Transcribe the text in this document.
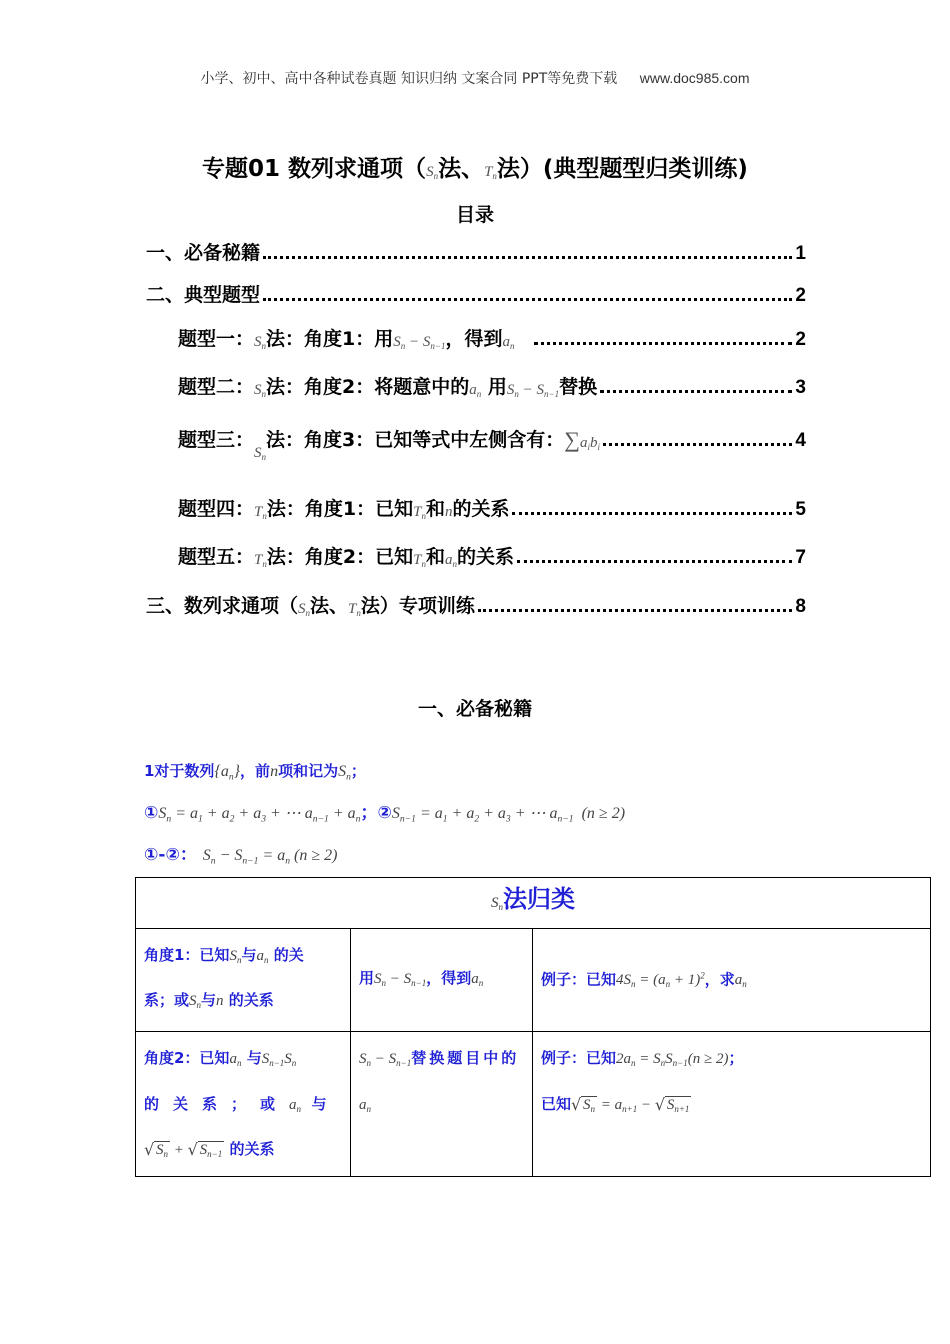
小学、初中、高中各种试卷真题 知识归纳 文案合同 PPT等免费下载 www.doc985.com
专题01 数列求通项（$S_n$法、$T_n$法）(典型题型归类训练)
目录
一、必备秘籍	1
二、典型题型	2
题型一： $S_n$ 法：角度1：用 $S_n - S_{n-1}$ ，得到 $a_n$	2
题型二： $S_n$ 法：角度2：将题意中的 $a_n$
用 $S_n - S_{n-1}$ 替换	3
题型三：
$S_n$
法：角度3：已知等式中左侧含有： $\sum a_ib_i$	4
题型四： $T_n$ 法：角度1：已知 $T_n$ 和 n 的关系	5
题型五： $T_n$ 法：角度2：已知 $T_n$ 和 $a_n$ 的关系	7
三、数列求通项（ $S_n$ 法、 $T_n$ 法）专项训练	8
一、必备秘籍
1对于数列$\{a_n\}$，前n项和记为$S_n$；
$①S_n = a_1 + a_2 + a_3$ + ⋯ $a_{n-1} + a_n$；$②S_{n-1} = a_1 + a_2 + a_3$ + ⋯ $a_{n-1}$  (n ≥ 2)
①-②： $S_n - S_{n-1} = a_n$ (n ≥ 2)
$S_n$法归类		
角度1：已知$S_n$与$a_n$ 的关
系；或$S_n$与n 的关系	用$S_n - S_{n-1}$，得到$a_n$	例子：已知$4S_n = (a_n + 1)^2$，求$a_n$
角度2：已知$a_n$ 与$S_{n-1}S_n$
的关系；或$a_n$ 与
√ $S_n$ + √ $S_{n-1}$ 的关系	$S_n - S_{n-1}$替换题目中的$a_n$	例子：已知$2a_n = S_nS_{n-1}(n \ge 2)$；
已知 √ $S_n = a_{n+1}$ − √ $S_{n+1}$
